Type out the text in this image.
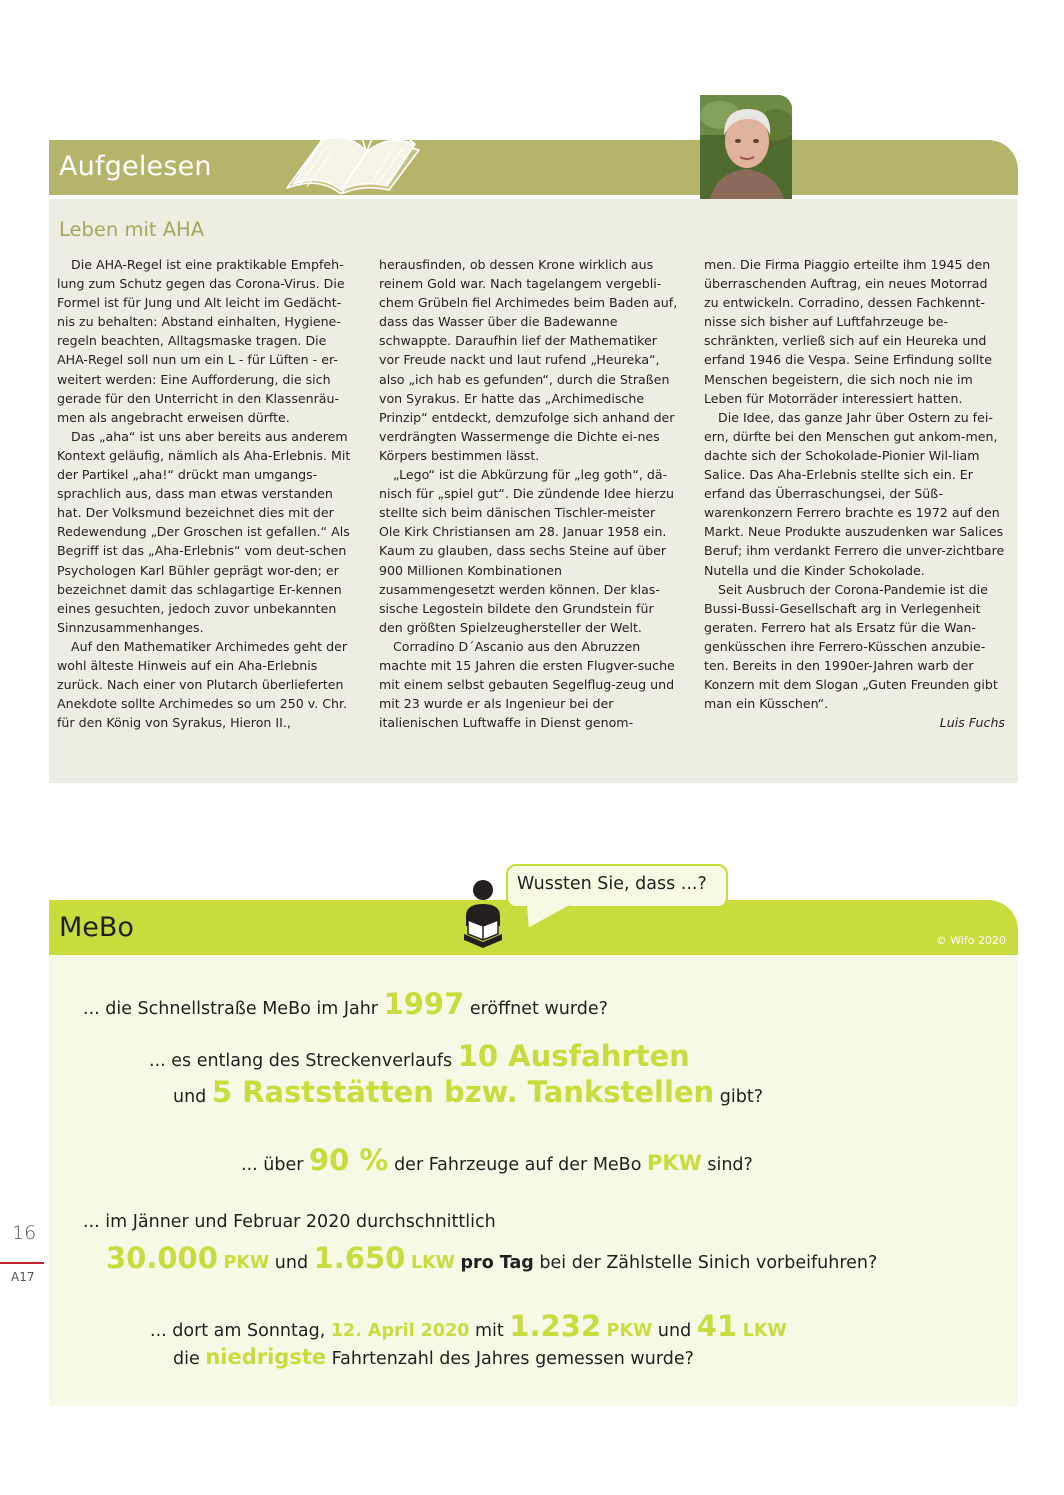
Aufgelesen
Leben mit AHA

Die AHA-Regel ist eine praktikable Empfeh-lung zum Schutz gegen das Corona-Virus. Die Formel ist für Jung und Alt leicht im Gedächt-nis zu behalten: Abstand einhalten, Hygiene-regeln beachten, Alltagsmaske tragen. Die AHA-Regel soll nun um ein L - für Lüften - er-weitert werden: Eine Aufforderung, die sich gerade für den Unterricht in den Klassenräu-men als angebracht erweisen dürfte.

Das „aha“ ist uns aber bereits aus anderem Kontext geläufig, nämlich als Aha-Erlebnis. Mit der Partikel „aha!“ drückt man umgangs-sprachlich aus, dass man etwas verstanden hat. Der Volksmund bezeichnet dies mit der Redewendung „Der Groschen ist gefallen.“ Als Begriff ist das „Aha-Erlebnis“ vom deut-schen Psychologen Karl Bühler geprägt wor-den; er bezeichnet damit das schlagartige Er-kennen eines gesuchten, jedoch zuvor unbekannten Sinnzusammenhanges.

Auf den Mathematiker Archimedes geht der wohl älteste Hinweis auf ein Aha-Erlebnis zurück. Nach einer von Plutarch überlieferten Anekdote sollte Archimedes so um 250 v. Chr. für den König von Syrakus, Hieron II.,

herausfinden, ob dessen Krone wirklich aus reinem Gold war. Nach tagelangem vergebli-chem Grübeln fiel Archimedes beim Baden auf, dass das Wasser über die Badewanne schwappte. Daraufhin lief der Mathematiker vor Freude nackt und laut rufend „Heureka“, also „ich hab es gefunden“, durch die Straßen von Syrakus. Er hatte das „Archimedische Prinzip“ entdeckt, demzufolge sich anhand der verdrängten Wassermenge die Dichte ei-nes Körpers bestimmen lässt.

„Lego“ ist die Abkürzung für „leg goth“, dä-nisch für „spiel gut“. Die zündende Idee hierzu stellte sich beim dänischen Tischler-meister Ole Kirk Christiansen am 28. Januar 1958 ein. Kaum zu glauben, dass sechs Steine auf über 900 Millionen Kombinationen zusammengesetzt werden können. Der klas-sische Legostein bildete den Grundstein für den größten Spielzeughersteller der Welt.

Corradino D´Ascanio aus den Abruzzen machte mit 15 Jahren die ersten Flugver-suche mit einem selbst gebauten Segelflug-zeug und mit 23 wurde er als Ingenieur bei der italienischen Luftwaffe in Dienst genom-

men. Die Firma Piaggio erteilte ihm 1945 den überraschenden Auftrag, ein neues Motorrad zu entwickeln. Corradino, dessen Fachkennt-nisse sich bisher auf Luftfahrzeuge be-schränkten, verließ sich auf ein Heureka und erfand 1946 die Vespa. Seine Erfindung sollte Menschen begeistern, die sich noch nie im Leben für Motorräder interessiert hatten.

Die Idee, das ganze Jahr über Ostern zu fei-ern, dürfte bei den Menschen gut ankom-men, dachte sich der Schokolade-Pionier Wil-liam Salice. Das Aha-Erlebnis stellte sich ein. Er erfand das Überraschungsei, der Süß-warenkonzern Ferrero brachte es 1972 auf den Markt. Neue Produkte auszudenken war Salices Beruf; ihm verdankt Ferrero die unver-zichtbare Nutella und die Kinder Schokolade.

Seit Ausbruch der Corona-Pandemie ist die Bussi-Bussi-Gesellschaft arg in Verlegenheit geraten. Ferrero hat als Ersatz für die Wan-genküsschen ihre Ferrero-Küsschen anzubie-ten. Bereits in den 1990er-Jahren warb der Konzern mit dem Slogan „Guten Freunden gibt man ein Küsschen“.

Luis Fuchs

MeBo	© Wifo 2020
Wussten Sie, dass ...?

... die Schnellstraße MeBo im Jahr 1997 eröffnet wurde?

... es entlang des Streckenverlaufs 10 Ausfahrten

und 5 Raststätten bzw. Tankstellen gibt?

... über 90 % der Fahrzeuge auf der MeBo PKW sind?

... im Jänner und Februar 2020 durchschnittlich

30.000 PKW und 1.650 LKW pro Tag bei der Zählstelle Sinich vorbeifuhren?

... dort am Sonntag, 12. April 2020 mit 1.232 PKW und 41 LKW

die niedrigste Fahrtenzahl des Jahres gemessen wurde?

16
A17
